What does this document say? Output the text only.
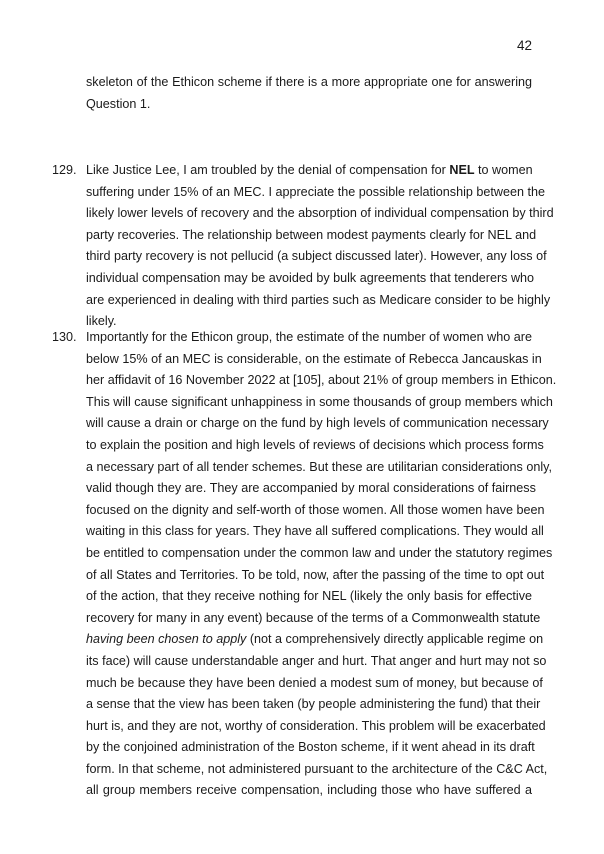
42
skeleton of the Ethicon scheme if there is a more appropriate one for answering
Question 1.
129. Like Justice Lee, I am troubled by the denial of compensation for NEL to women
suffering under 15% of an MEC. I appreciate the possible relationship between the
likely lower levels of recovery and the absorption of individual compensation by third
party recoveries. The relationship between modest payments clearly for NEL and
third party recovery is not pellucid (a subject discussed later). However, any loss of
individual compensation may be avoided by bulk agreements that tenderers who
are experienced in dealing with third parties such as Medicare consider to be highly
likely.
130. Importantly for the Ethicon group, the estimate of the number of women who are
below 15% of an MEC is considerable, on the estimate of Rebecca Jancauskas in
her affidavit of 16 November 2022 at [105], about 21% of group members in Ethicon.
This will cause significant unhappiness in some thousands of group members which
will cause a drain or charge on the fund by high levels of communication necessary
to explain the position and high levels of reviews of decisions which process forms
a necessary part of all tender schemes. But these are utilitarian considerations only,
valid though they are. They are accompanied by moral considerations of fairness
focused on the dignity and self-worth of those women. All those women have been
waiting in this class for years. They have all suffered complications. They would all
be entitled to compensation under the common law and under the statutory regimes
of all States and Territories. To be told, now, after the passing of the time to opt out
of the action, that they receive nothing for NEL (likely the only basis for effective
recovery for many in any event) because of the terms of a Commonwealth statute
having been chosen to apply (not a comprehensively directly applicable regime on
its face) will cause understandable anger and hurt. That anger and hurt may not so
much be because they have been denied a modest sum of money, but because of
a sense that the view has been taken (by people administering the fund) that their
hurt is, and they are not, worthy of consideration. This problem will be exacerbated
by the conjoined administration of the Boston scheme, if it went ahead in its draft
form. In that scheme, not administered pursuant to the architecture of the C&C Act,
all group members receive compensation, including those who have suffered a
